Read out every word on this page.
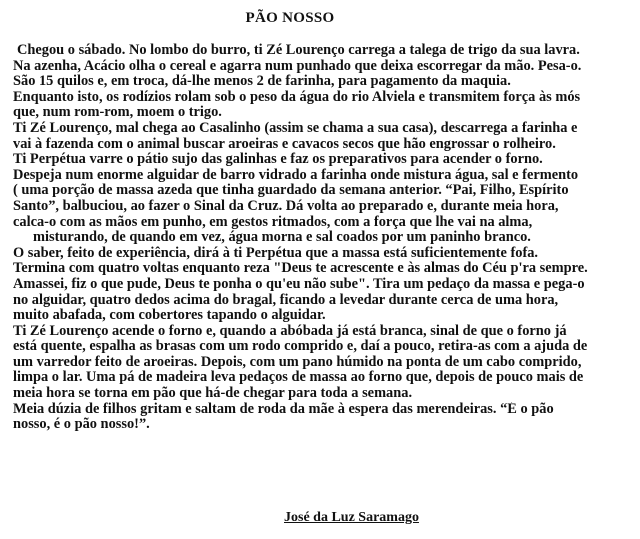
PÃO NOSSO
Chegou o sábado. No lombo do burro, ti Zé Lourenço carrega a talega de trigo da sua lavra.
Na azenha, Acácio olha o cereal e agarra num punhado que deixa escorregar da mão. Pesa-o.
São 15 quilos e, em troca, dá-lhe menos 2 de farinha, para pagamento da maquia.
Enquanto isto, os rodízios rolam sob o peso da água do rio Alviela e transmitem força às mós
que, num rom-rom, moem o trigo.
Ti Zé Lourenço, mal chega ao Casalinho (assim se chama a sua casa), descarrega a farinha e
vai à fazenda com o animal buscar aroeiras e cavacos secos que hão engrossar o rolheiro.
Ti Perpétua varre o pátio sujo das galinhas e faz os preparativos para acender o forno.
Despeja num enorme alguidar de barro vidrado a farinha onde mistura água, sal e fermento
( uma porção de massa azeda que tinha guardado da semana anterior. “Pai, Filho, Espírito
Santo”, balbuciou, ao fazer o Sinal da Cruz. Dá volta ao preparado e, durante meia hora,
calca-o com as mãos em punho, em gestos ritmados, com a força que lhe vai na alma,
misturando, de quando em vez, água morna e sal coados por um paninho branco.
O saber, feito de experiência, dirá à ti Perpétua que a massa está suficientemente fofa.
Termina com quatro voltas enquanto reza "Deus te acrescente e às almas do Céu p'ra sempre.
Amassei, fiz o que pude, Deus te ponha o qu'eu não sube". Tira um pedaço da massa e pega-o
no alguidar, quatro dedos acima do bragal, ficando a levedar durante cerca de uma hora,
muito abafada, com cobertores tapando o alguidar.
Ti Zé Lourenço acende o forno e, quando a abóbada já está branca, sinal de que o forno já
está quente, espalha as brasas com um rodo comprido e, daí a pouco, retira-as com a ajuda de
um varredor feito de aroeiras. Depois, com um pano húmido na ponta de um cabo comprido,
limpa o lar. Uma pá de madeira leva pedaços de massa ao forno que, depois de pouco mais de
meia hora se torna em pão que há-de chegar para toda a semana.
Meia dúzia de filhos gritam e saltam de roda da mãe à espera das merendeiras. “É o pão
nosso, é o pão nosso!”.
José da Luz Saramago
